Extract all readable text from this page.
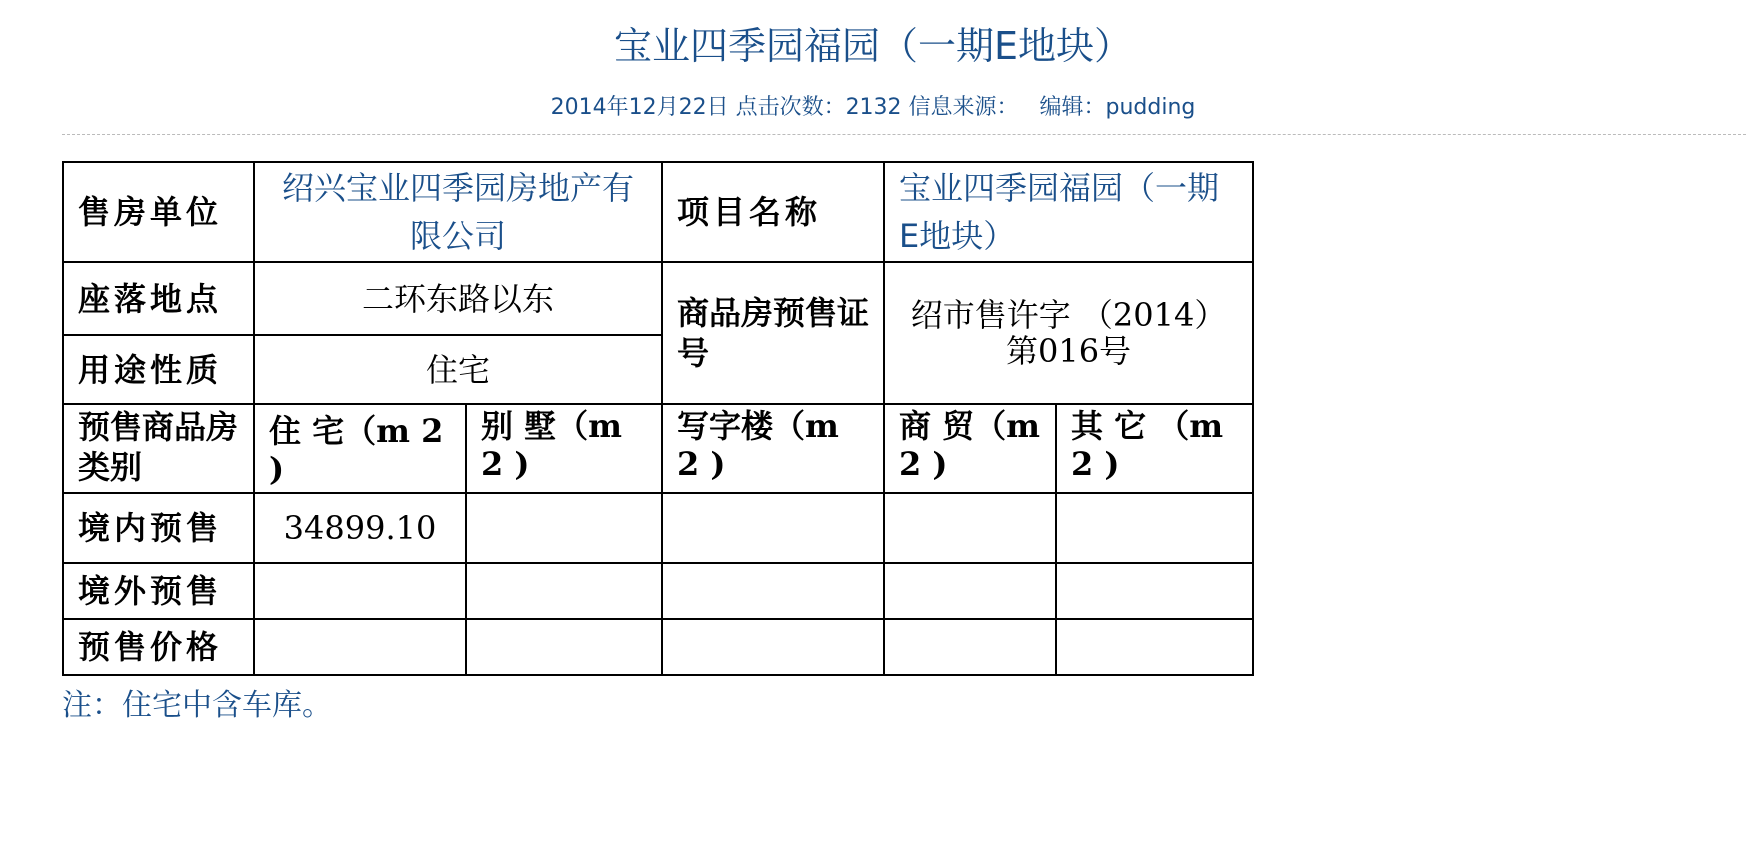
宝业四季园福园（一期E地块）
2014年12月22日 点击次数：2132 信息来源：   编辑：pudding
售房单位	绍兴宝业四季园房地产有限公司		项目名称	宝业四季园福园（一期E地块）	
座落地点	二环东路以东		商品房预售证号	绍市售许字 （2014）第016号	
用途性质	住宅				
预售商品房类别	住 宅（m 2 )	别 墅（m 2 )	写字楼（m 2 )	商 贸（m 2 )	其 它 （m 2 )
境内预售	34899.10				
境外预售					
预售价格					
注：住宅中含车库。
